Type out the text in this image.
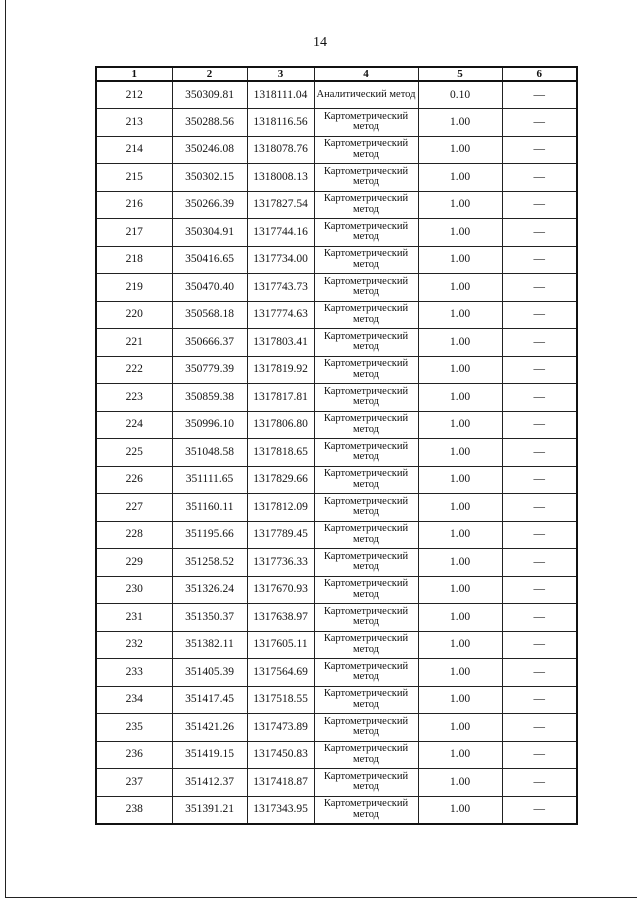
14
1	2	3	4	5	6
212	350309.81	1318111.04	Аналитический метод	0.10	—
213	350288.56	1318116.56	Картометрический метод	1.00	—
214	350246.08	1318078.76	Картометрический метод	1.00	—
215	350302.15	1318008.13	Картометрический метод	1.00	—
216	350266.39	1317827.54	Картометрический метод	1.00	—
217	350304.91	1317744.16	Картометрический метод	1.00	—
218	350416.65	1317734.00	Картометрический метод	1.00	—
219	350470.40	1317743.73	Картометрический метод	1.00	—
220	350568.18	1317774.63	Картометрический метод	1.00	—
221	350666.37	1317803.41	Картометрический метод	1.00	—
222	350779.39	1317819.92	Картометрический метод	1.00	—
223	350859.38	1317817.81	Картометрический метод	1.00	—
224	350996.10	1317806.80	Картометрический метод	1.00	—
225	351048.58	1317818.65	Картометрический метод	1.00	—
226	351111.65	1317829.66	Картометрический метод	1.00	—
227	351160.11	1317812.09	Картометрический метод	1.00	—
228	351195.66	1317789.45	Картометрический метод	1.00	—
229	351258.52	1317736.33	Картометрический метод	1.00	—
230	351326.24	1317670.93	Картометрический метод	1.00	—
231	351350.37	1317638.97	Картометрический метод	1.00	—
232	351382.11	1317605.11	Картометрический метод	1.00	—
233	351405.39	1317564.69	Картометрический метод	1.00	—
234	351417.45	1317518.55	Картометрический метод	1.00	—
235	351421.26	1317473.89	Картометрический метод	1.00	—
236	351419.15	1317450.83	Картометрический метод	1.00	—
237	351412.37	1317418.87	Картометрический метод	1.00	—
238	351391.21	1317343.95	Картометрический метод	1.00	—
